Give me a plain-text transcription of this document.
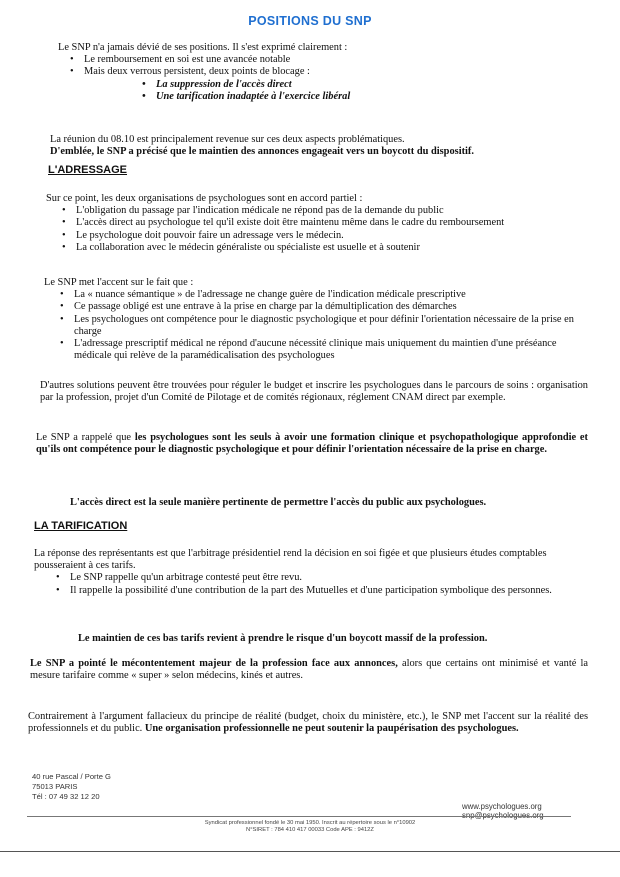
POSITIONS DU SNP

Le SNP n'a jamais dévié de ses positions. Il s'est exprimé clairement :

• Le remboursement en soi est une avancée notable
• Mais deux verrous persistent, deux points de blocage :
• La suppression de l'accès direct
• Une tarification inadaptée à l'exercice libéral

La réunion du 08.10 est principalement revenue sur ces deux aspects problématiques.

D'emblée, le SNP a précisé que le maintien des annonces engageait vers un boycott du dispositif.

L'ADRESSAGE

Sur ce point, les deux organisations de psychologues sont en accord partiel :

• L'obligation du passage par l'indication médicale ne répond pas de la demande du public
• L'accès direct au psychologue tel qu'il existe doit être maintenu même dans le cadre du remboursement
• Le psychologue doit pouvoir faire un adressage vers le médecin.
• La collaboration avec le médecin généraliste ou spécialiste est usuelle et à soutenir

Le SNP met l'accent sur le fait que :

• La « nuance sémantique » de l'adressage ne change guère de l'indication médicale prescriptive
• Ce passage obligé est une entrave à la prise en charge par la démultiplication des démarches
• Les psychologues ont compétence pour le diagnostic psychologique et pour définir l'orientation nécessaire de la prise en charge
• L'adressage prescriptif médical ne répond d'aucune nécessité clinique mais uniquement du maintien d'une préséance médicale qui relève de la paramédicalisation des psychologues
D'autres solutions peuvent être trouvées pour réguler le budget et inscrire les psychologues dans le parcours de soins : organisation par la profession, projet d'un Comité de Pilotage et de comités régionaux, réglement CNAM direct par exemple.
Le SNP a rappelé que les psychologues sont les seuls à avoir une formation clinique et psychopathologique approfondie et qu'ils ont compétence pour le diagnostic psychologique et pour définir l'orientation nécessaire de la prise en charge.
L'accès direct est la seule manière pertinente de permettre l'accès du public aux psychologues.
LA TARIFICATION

La réponse des représentants est que l'arbitrage présidentiel rend la décision en soi figée et que plusieurs études comptables pousseraient à ces tarifs.

• Le SNP rappelle qu'un arbitrage contesté peut être revu.
• Il rappelle la possibilité d'une contribution de la part des Mutuelles et d'une participation symbolique des personnes.
Le maintien de ces bas tarifs revient à prendre le risque d'un boycott massif de la profession.
Le SNP a pointé le mécontentement majeur de la profession face aux annonces, alors que certains ont minimisé et vanté la mesure tarifaire comme « super » selon médecins, kinés et autres.
Contrairement à l'argument fallacieux du principe de réalité (budget, choix du ministère, etc.), le SNP met l'accent sur la réalité des professionnels et du public. Une organisation professionnelle ne peut soutenir la paupérisation des psychologues.
40 rue Pascal / Porte G
75013 PARIS
Tél : 07 49 32 12 20
www.psychologues.org
Syndicat professionnel fondé le 30 mai 1950. Inscrit au répertoire sous le n°10902
N°SIRET : 784 410 417 00033 Code APE : 9412Z
